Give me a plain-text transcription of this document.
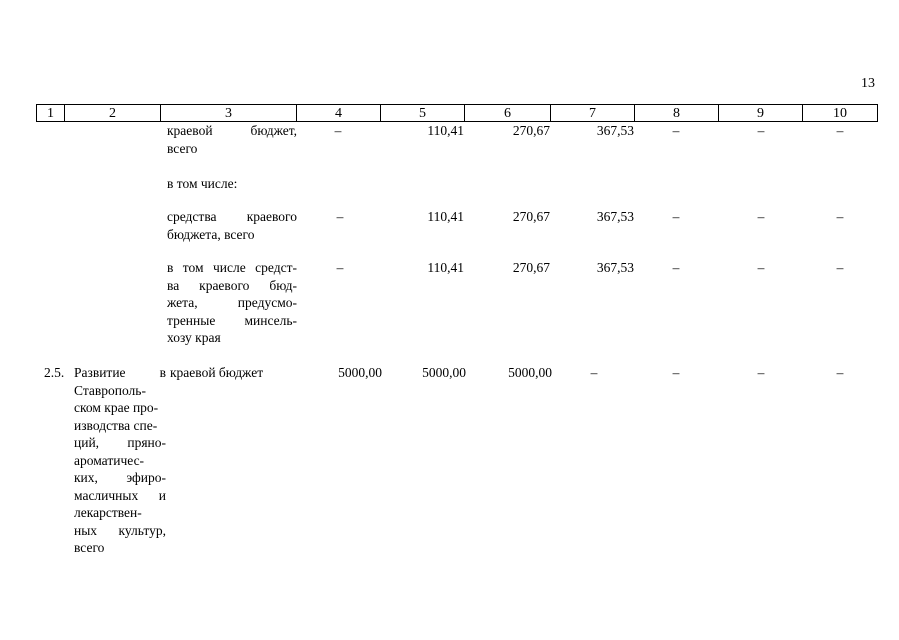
13
1	2	3	4	5	6	7	8	9	10
краевой бюджет,
всего
–	110,41	270,67	367,53	–	–	–
в том числе:
средства краевого
бюджета, всего
–	110,41	270,67	367,53	–	–	–
в том числе средст-
ва краевого бюд-
жета, предусмо-
тренные минсель-
хозу края
–	110,41	270,67	367,53	–	–	–
2.5. Развитие в
Ставрополь-
ском крае про-
изводства спе-
ций, пряно-
ароматичес-
ких, эфиро-
масличных и
лекарствен-
ных культур,
всего
краевой бюджет	5000,00	5000,00	5000,00	–	–	–	–
